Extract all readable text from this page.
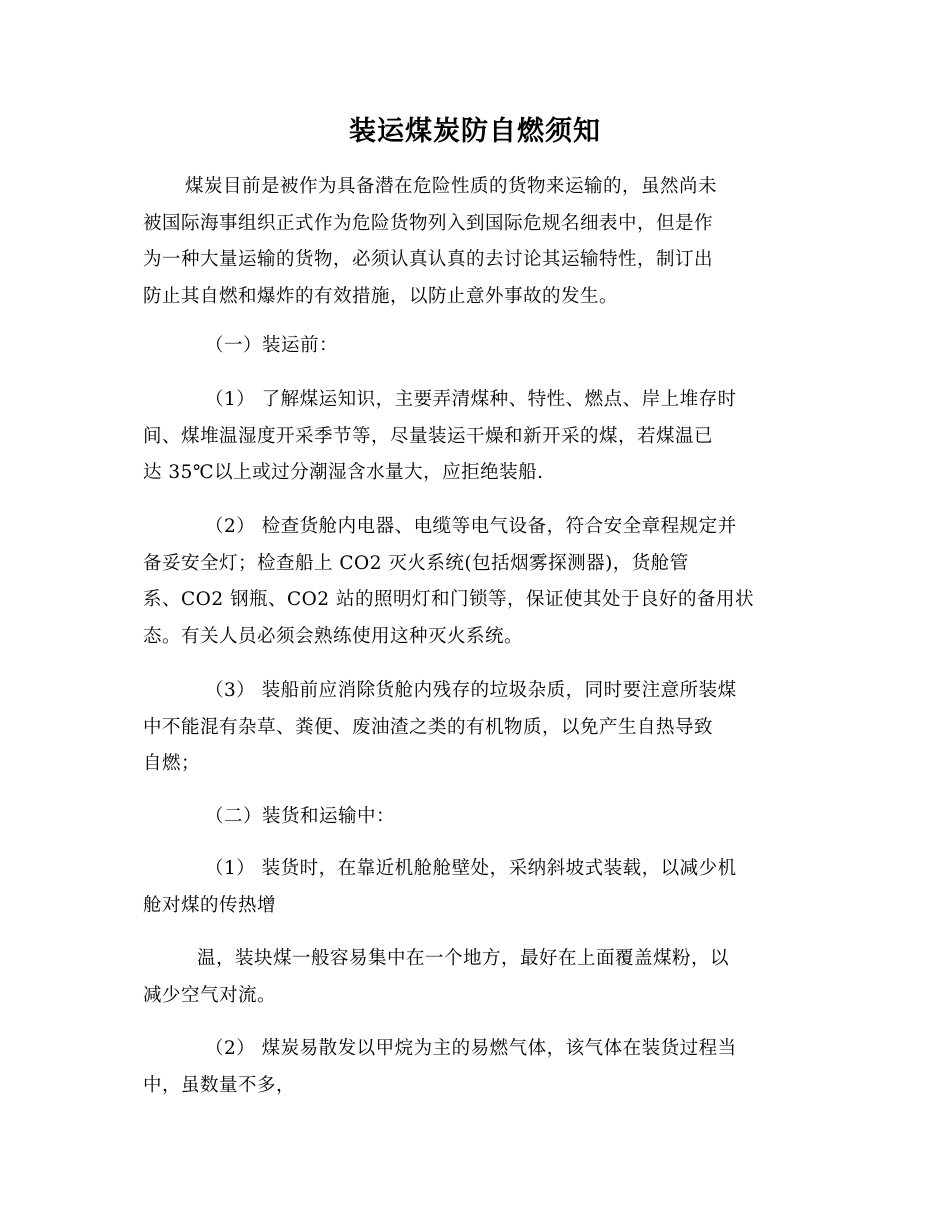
装运煤炭防自燃须知

煤炭目前是被作为具备潜在危险性质的货物来运输的，虽然尚未
被国际海事组织正式作为危险货物列入到国际危规名细表中，但是作
为一种大量运输的货物，必须认真认真的去讨论其运输特性，制订出
防止其自燃和爆炸的有效措施，以防止意外事故的发生。

（一）装运前：

（1） 了解煤运知识，主要弄清煤种、特性、燃点、岸上堆存时
间、煤堆温湿度开采季节等，尽量装运干燥和新开采的煤，若煤温已
达 35℃以上或过分潮湿含水量大，应拒绝装船.

（2） 检查货舱内电器、电缆等电气设备，符合安全章程规定并
备妥安全灯；检查船上 CO2 灭火系统(包括烟雾探测器)，货舱管
系、CO2 钢瓶、CO2 站的照明灯和门锁等，保证使其处于良好的备用状
态。有关人员必须会熟练使用这种灭火系统。

（3） 装船前应消除货舱内残存的垃圾杂质，同时要注意所装煤
中不能混有杂草、粪便、废油渣之类的有机物质，以免产生自热导致
自燃；

（二）装货和运输中：

（1） 装货时，在靠近机舱舱壁处，采纳斜坡式装载，以减少机
舱对煤的传热增

温，装块煤一般容易集中在一个地方，最好在上面覆盖煤粉，以
减少空气对流。

（2） 煤炭易散发以甲烷为主的易燃气体，该气体在装货过程当
中，虽数量不多，
